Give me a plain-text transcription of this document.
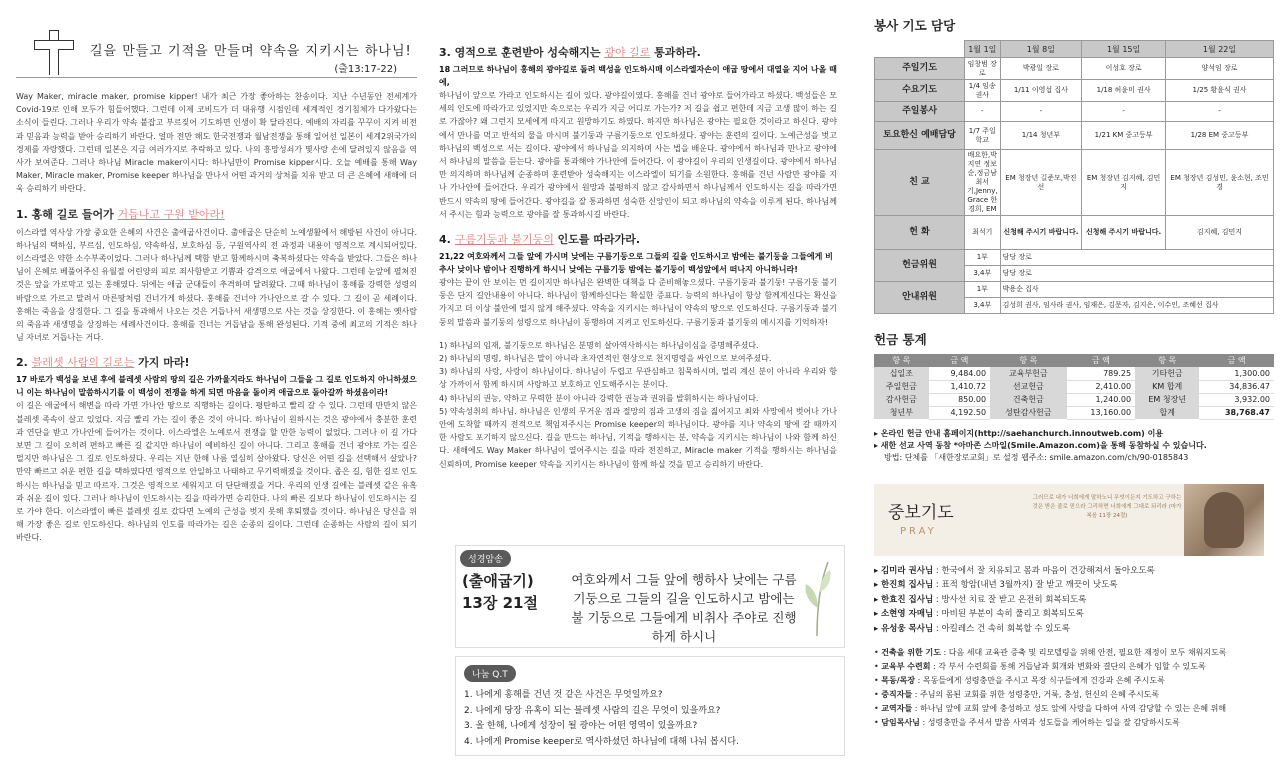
길을 만들고 기적을 만들며 약속을 지키시는 하나님!
(출13:17-22)

Way Maker, miracle maker, promise kipper! 내가 최근 가장 좋아하는 찬송이다. 지난 수년동안 전세계가 Covid-19로 인해 모두가 힘들어했다. 그런데 이제 코비드가 더 대유행 시점인데 세계적인 경기침체가 다가왔다는 소식이 들린다. 그러나 우리가 약속 붙잡고 부르짖어 기도하면 인생이 확 달라진다. 예배의 자리를 꾸꾸이 지켜 비전과 믿음과 능력을 받아 승리하기 바란다. 얼마 전만 해도 한국전쟁과 월남전쟁을 통해 일어선 일본이 세계2위국가의 경제를 자랑했다. 그런데 일본은 지금 여러가지로 추락하고 있다. 나의 흥망성쇠가 몇사랑 손에 달려있지 않음을 역사가 보여준다. 그러나 하나님 Miracle maker이시다: 하나님만이 Promise kipper시다. 오늘 예배를 통해 Way Maker, Miracle maker, Promise keeper 하나님을 만나서 어떤 과거의 상처를 치유 받고 더 큰 은혜에 새해에 더욱 승리하기 바란다.

1. 홍해 길로 들어가 거듭나고 구원 받아라!

이스라엘 역사상 가장 중요한 은혜의 사건은 출애굽사건이다. 출애굽은 단순히 노예생활에서 해방된 사건이 아니다. 하나님의 택하심, 부르심, 인도하심, 약속하심, 보호하심 등, 구원역사의 전 과정과 내용이 영적으로 계시되어있다. 이스라엘은 약한 소수부족이었다. 그러나 하나님께 택함 받고 함께하시며 축복하셨다는 약속을 받았다. 그들은 하나님이 은혜로 베풀어주신 유월절 어린양의 피로 죄사함받고 기쁨과 감격으로 애굽에서 나왔다. 그런데 눈앞에 펼쳐진 것은 앞을 가로막고 있는 홍해였다. 뒤에는 애굽 군대들이 추격하며 달려왔다. 그때 하나님이 홍해를 강력한 성령의 바람으로 가르고 말려서 마른땅처럼 건너가게 하셨다. 홍해를 건너야 가나안으로 갈 수 있다. 그 길이 곧 세례이다. 홍해는 죽음을 상징한다. 그 길을 통과해서 나오는 것은 거듭나서 새생명으로 사는 것을 상징한다. 이 홍해는 옛사람의 죽음과 새생명을 상징하는 세례사건이다. 홍해를 건너는 거듭남을 통해 완성된다. 기적 중에 최고의 기적은 하나님 자녀로 거듭나는 거다.

2. 블레셋 사람의 길로는 가지 마라!

17 바로가 백성을 보낸 후에 블레셋 사람의 땅의 길은 가까울지라도 하나님이 그들을 그 길로 인도하지 아니하셨으니 이는 하나님이 말씀하시기를 이 백성이 전쟁을 하게 되면 마음을 돌이켜 애굽으로 돌아갈까 하셨음이라!

이 길은 애굽에서 해변을 따라 가면 가나안 땅으로 직행하는 길이다. 평탄하고 빨리 갈 수 있다. 그런데 만만치 않은 블레셋 족속이 살고 있었다. 지금 빨리 가는 길이 좋은 것이 아니다. 하나님이 원하시는 것은 광야에서 충분한 훈련과 연단을 받고 가나안에 들어가는 것이다. 이스라엘은 노예로서 전쟁을 할 만한 능력이 없었다. 그러나 이 길 가다보면 그 길이 오히려 편하고 빠른 길 같지만 하나님이 예비하신 길이 아니다. 그리고 홍해를 건너 광야로 가는 길은 멀지만 하나님은 그 길로 인도하셨다. 우리는 지난 한해 나름 열심히 살아왔다. 당신은 어떤 길을 선택해서 살았나? 만약 빠르고 쉬운 편한 길을 택하였다면 영적으로 안일하고 나태하고 무기력해졌을 것이다. 좁은 길, 험한 길로 인도하시는 하나님을 믿고 따르자. 그것은 영적으로 세워지고 더 단단해졌을 거다. 우리의 인생 길에는 블레셋 같은 유혹과 쉬운 길이 있다. 그러나 하나님이 인도하시는 길을 따라가면 승리한다. 나의 빠른 길보다 하나님이 인도하시는 길로 가야 한다. 이스라엘이 빠른 블레셋 길로 갔다면 노예의 근성을 벗지 못해 후퇴했을 것이다. 하나님은 당신을 위해 가장 좋은 길로 인도하신다. 하나님의 인도를 따라가는 길은 순종의 길이다. 그런데 순종하는 사람의 길이 되기 바란다.

3. 영적으로 훈련받아 성숙해지는 광야 길로 통과하라.

18 그러므로 하나님이 홍해의 광야길로 돌려 백성을 인도하시매 이스라엘자손이 애굽 땅에서 대열을 지어 나올 때에,

하나님이 앞으로 가라고 인도하시는 길이 있다. 광야길이였다. 홍해를 건너 광야로 들어가라고 하셨다. 백성들은 모세의 인도에 따라가고 있었지만 속으로는 우리가 지금 어디로 가는가? 저 길을 쉽고 편한데 지금 고생 많이 하는 길로 가잖아? 왜 그런지 모세에게 따지고 원망하기도 하였다. 하지만 하나님은 광야는 필요한 것이라고 하신다. 광야에서 만나를 먹고 반석의 물을 마시며 불기둥과 구름기둥으로 인도하셨다. 광야는 훈련의 길이다. 노예근성을 벗고 하나님의 백성으로 서는 길이다. 광야에서 하나님을 의지하며 사는 법을 배운다. 광야에서 하나님과 만나고 광야에서 하나님의 말씀을 듣는다. 광야를 통과해야 가나안에 들어간다. 이 광야길이 우리의 인생길이다. 광야에서 하나님만 의지하며 하나님께 순종하며 훈련받아 성숙해지는 이스라엘이 되기를 소원한다. 홍해를 건넌 사람만 광야를 지나 가나안에 들어간다. 우리가 광야에서 원망과 불평하지 않고 감사하면서 하나님께서 인도하시는 길을 따라가면 반드시 약속의 땅에 들어간다. 광야길을 잘 통과하면 성숙한 신앙인이 되고 하나님의 약속을 이루게 된다. 하나님께서 주시는 힘과 능력으로 광야를 잘 통과하시길 바란다.

4. 구름기둥과 불기둥의 인도를 따라가라.

21,22 여호와께서 그들 앞에 가시며 낮에는 구름기둥으로 그들의 길을 인도하시고 밤에는 불기둥을 그들에게 비추사 낮이나 밤이나 진행하게 하시니 낮에는 구름기둥 밤에는 불기둥이 백성앞에서 떠나지 아니하니라!

광야는 끝이 안 보이는 먼 길이지만 하나님은 완벽한 대책을 다 준비해놓으셨다. 구름기둥과 불기둥! 구름기둥 불기둥은 단지 길안내용이 아니다. 하나님이 함께하신다는 확실한 증표다. 능력의 하나님이 항상 함께계신다는 확신을 가지고 더 이상 불안에 떨지 않게 해주셨다. 약속을 지키시는 하나님이 약속의 땅으로 인도하신다. 구름기둥과 불기둥의 말씀과 불기둥의 성령으로 하나님이 동행하며 지켜고 인도하신다. 구름기둥과 불기둥의 메시지를 기억하자!

1) 하나님의 임재, 불기둥으로 하나님은 분명히 살아역사하시는 하나님이심을 증명해주셨다.

2) 하나님의 명령, 하나님은 말이 아니라 초자연적인 현상으로 천지명령을 싸인으로 보여주셨다.

3) 하나님의 사랑, 사랑이 하나님이다. 하나님이 두렵고 무관심하고 침묵하시며, 멀리 계신 분이 아니라 우리와 항상 가까이서 함께 하시며 사랑하고 보호하고 인도해주시는 분이다.

4) 하나님의 권능, 약하고 무력한 분이 아니라 강력한 권능과 권위를 발휘하시는 하나님이다.

5) 약속성취의 하나님. 하나님은 인생의 무거운 짐과 절망의 짐과 고생의 짐을 짊어지고 최와 사망에서 벗어나 가나안에 도착할 때까지 전적으로 책임져주시는 Promise keeper의 하나님이다. 광야를 지나 약속의 땅에 갈 때까지 한 사람도 포기하지 않으신다. 길을 만드는 하나님, 기적을 행하시는 분, 약속을 지키시는 하나님이 나와 함께 하신다. 새해에도 Way Maker 하나님이 열어주시는 길을 따라 전진하고, Miracle maker 기적을 행하시는 하나님을 신뢰하며, Promise keeper 약속을 지키시는 하나님이 함께 하실 것을 믿고 승리하기 바란다.

성경암송
(출애굽기)
13장 21절
여호와께서 그들 앞에 행하사 낮에는 구름 기둥으로 그들의 길을 인도하시고 밤에는 불 기둥으로 그들에게 비취사 주야로 진행하게 하시니
나눔 Q.T
1. 나에게 홍해를 건넌 것 같은 사건은 무엇일까요?
2. 나에게 당장 유혹이 되는 블레셋 사람의 길은 무엇이 있을까요?
3. 올 한해, 나에게 성장이 될 광야는 어떤 영역이 있을까요?
4. 나에게 Promise keeper로 역사하셨던 하나님에 대해 나눠 봅시다.
봉사 기도 담당
	1월 1일	1월 8일	1월 15일	1월 22일
주일기도	임창범 장로	박광일 장로	이성호 장로	양석임 장로
수요기도	1/4 임송 권사	1/11 이영섭 집사	1/18 허윤미 권사	1/25 황윤식 권사
주일봉사	-	-	-	-
토요한신 예배담당	1/7 주일학교	1/14 청년부	1/21 KM 중고등부	1/28 EM 중고등부
친 교	배요한,박지연 정보순,정금남 최서기,Jenny, Grace 한경희, EM	EM 청장년 길준모,박진선	EM 청장년 김지혜, 김민지	EM 청장년 김성민, 윤소현, 조민경
헌 화	최석기	신청해 주시기 바랍니다.	신청해 주시기 바랍니다.	김지혜, 김민지
헌금위원	1부	담당 장로		
	3,4부	담당 장로		
안내위원	1부	박용순 집사		
	3,4부	김성희 권사, 임사라 권사, 임재은, 김문자, 김지은, 이수인, 조혜선 집사		
헌금 통계
항 목	금 액	항 목	금 액	항 목	금 액
십일조	9,484.00	교육부헌금	789.25	기타헌금	1,300.00
주일헌금	1,410.72	선교헌금	2,410.00	KM 합계	34,836.47
감사헌금	850.00	건축헌금	1,240.00	EM 청장년	3,932.00
청년부	4,192.50	성탄감사헌금	13,160.00	합계	38,768.47
▸ 온라인 헌금 안내 홈페이지(http://saehanchurch.innoutweb.com) 이용
▸ 새한 선교 사역 동참 *아마존 스마일(Smile.Amazon.com)을 통해 동참하실 수 있습니다.
방법: 단체를 「새한장로교회」로 설정 웹주소: smile.amazon.com/ch/90-0185843
중보기도
PRAY
그러므로 내가 너희에게 말하노니 무엇이든지 기도하고 구하는 것은 받은 줄로 믿으라 그리하면 너희에게 그대로 되리라 (마가복음 11장 24절)
▸ 김미라 권사님 : 한국에서 잘 치유되고 몸과 마음이 건강해져서 돌아오도록
▸ 한진희 집사님 : 표적 항암(내년 3월까지) 잘 받고 깨끗이 낫도록
▸ 한효진 집사님 : 방사선 치료 잘 받고 온전히 회복되도록
▸ 소현영 자매님 : 마비된 부분이 속히 풀리고 회복되도록
▸ 유성웅 목사님 : 아킬레스 건 속히 회복할 수 있도록
• 건축을 위한 기도 : 다음 세대 교육관 증축 및 리모델링을 위해 안전, 필요한 재정이 모두 채워지도록
• 교육부 수련회 : 각 부서 수련회를 통해 거듭남과 회개와 변화와 결단의 은혜가 임할 수 있도록
• 목동/목장 : 목동들에게 성령충만을 주시고 목장 식구들에게 건강과 은혜 주시도록
• 중직자들 : 주님의 몸된 교회를 위한 성령충만, 거룩, 충성, 헌신의 은혜 주시도록
• 교역자들 : 하나님 앞에 교회 앞에 충성하고 성도 앞에 사랑을 다하여 사역 감당할 수 있는 은혜 위해
• 담임목사님 : 성령충만을 주셔서 말씀 사역과 성도들을 케어하는 일을 잘 감당하시도록
